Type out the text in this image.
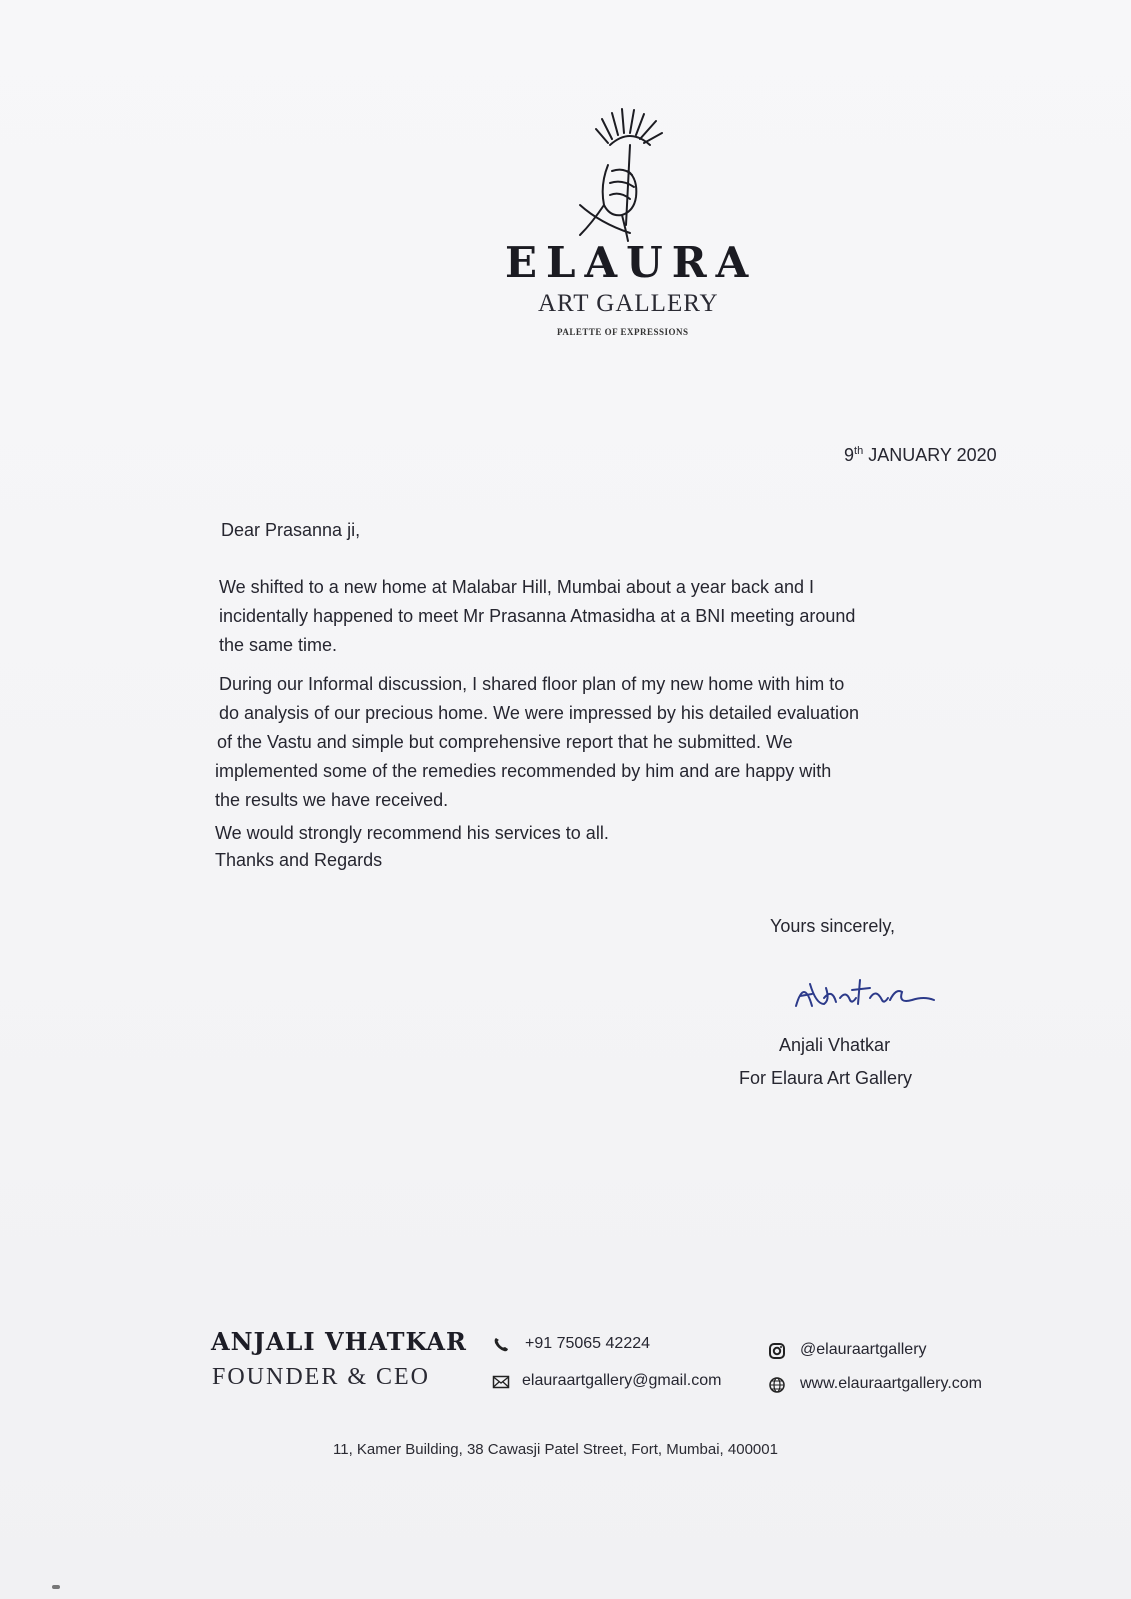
ELAURA
ART GALLERY
PALETTE OF EXPRESSIONS
9th JANUARY 2020
Dear Prasanna ji,
We shifted to a new home at Malabar Hill, Mumbai about a year back and I
incidentally happened to meet Mr Prasanna Atmasidha at a BNI meeting around
the same time.
During our Informal discussion, I shared floor plan of my new home with him to
do analysis of our precious home. We were impressed by his detailed evaluation
of the Vastu and simple but comprehensive report that he submitted. We
implemented some of the remedies recommended by him and are happy with
the results we have received.
We would strongly recommend his services to all.
Thanks and Regards
Yours sincerely,
Anjali Vhatkar
For Elaura Art Gallery
ANJALI VHATKAR
FOUNDER & CEO
+91 75065 42224
elauraartgallery@gmail.com
@elauraartgallery
www.elauraartgallery.com
11, Kamer Building, 38 Cawasji Patel Street, Fort, Mumbai, 400001
